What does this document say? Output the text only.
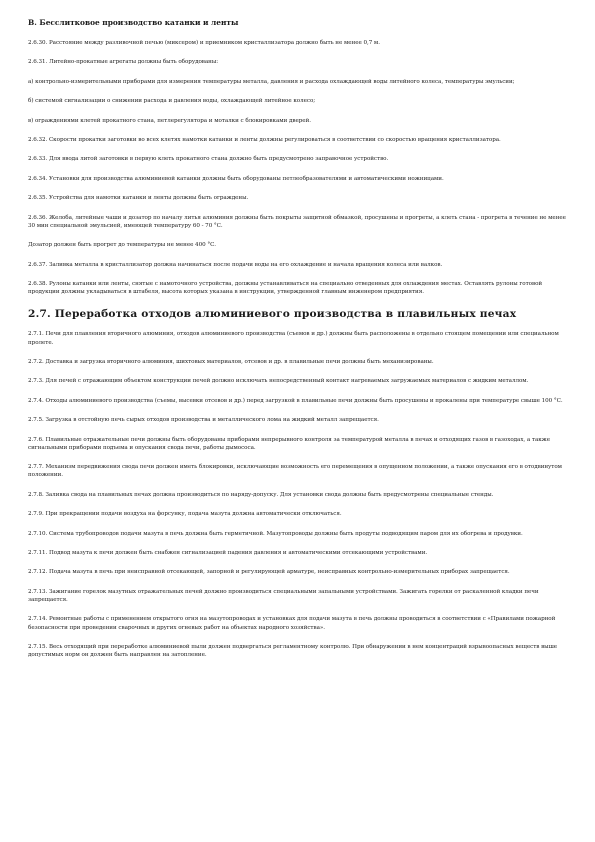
В. Бесслитковое производство катанки и ленты
2.6.30. Расстояние между разливочной печью (миксером) и приемником кристаллизатора должно быть не менее 0,7 м.
2.6.31. Литейно-прокатные агрегаты должны быть оборудованы:
а) контрольно-измерительными приборами для измерения температуры металла, давления и расхода охлаждающей воды литейного колеса, температуры эмульсии;
б) системой сигнализации о снижении расхода и давления воды, охлаждающей литейное колесо;
в) ограждениями клетей прокатного стана, петлерегулятора и моталки с блокировками дверей.
2.6.32. Скорости прокатки заготовки во всех клетях намотки катанки и ленты должны регулироваться в соответствии со скоростью вращения кристаллизатора.
2.6.33. Для ввода литой заготовки в первую клеть прокатного стана должно быть предусмотрено заправочное устройство.
2.6.34. Установки для производства алюминиевой катанки должны быть оборудованы петлеобразователями и автоматическими ножницами.
2.6.35. Устройства для намотки катанки и ленты должны быть ограждены.
2.6.36. Желоба, литейные чаши и дозатор по началу литья алюминия должны быть покрыты защитной обмазкой, просушены и прогреты, а клеть стана - прогрета в течение не менее 30 мин специальной эмульсией, имеющей температуру 60 - 70 °С.
Дозатор должен быть прогрет до температуры не менее 400 °С.
2.6.37. Заливка металла в кристаллизатор должна начинаться после подачи воды на его охлаждение и начала вращения колеса или валков.
2.6.38. Рулоны катанки или ленты, снятые с намоточного устройства, должны устанавливаться на специально отведенных для охлаждения местах. Оставлять рулоны готовой продукции должны укладываться в штабеля, высота которых указана в инструкции, утвержденной главным инженером предприятия.
2.7. Переработка отходов алюминиевого производства в плавильных печах
2.7.1. Печи для плавления вторичного алюминия, отходов алюминиевого производства (съемов и др.) должны быть расположены в отдельно стоящем помещении или специальном пролете.
2.7.2. Доставка и загрузка вторичного алюминия, шихтовых материалов, отсевов и др. в плавильные печи должны быть механизированы.
2.7.3. Для печей с отражающим объектом конструкции печей должно исключать непосредственный контакт нагреваемых загружаемых материалов с жидким металлом.
2.7.4. Отходы алюминиевого производства (съемы, высевки отсевов и др.) перед загрузкой в плавильные печи должны быть просушены и прокалены при температуре свыше 100 °С.
2.7.5. Загрузка в отстойную печь сырых отходов производства и металлического лома на жидкий металл запрещается.
2.7.6. Плавильные отражательные печи должны быть оборудованы приборами непрерывного контроля за температурой металла в печах и отходящих газов в газоходах, а также сигнальными приборами подъема и опускания свода печи, работы дымососа.
2.7.7. Механизм передвижения свода печи должен иметь блокировки, исключающие возможность его перемещения в опущенном положении, а также опускания его в отодвинутом положении.
2.7.8. Заливка свода на плавильных печах должна производиться по наряду-допуску. Для установки свода должны быть предусмотрены специальные стенды.
2.7.9. При прекращении подачи воздуха на форсунку, подача мазута должна автоматически отключаться.
2.7.10. Система трубопроводов подачи мазута в печь должна быть герметичной. Мазутопроводы должны быть продуты подводящим паром для их обогрева и продувки.
2.7.11. Подвод мазута к печи должен быть снабжен сигнализацией падения давления и автоматическими отсекающими устройствами.
2.7.12. Подача мазута в печь при неисправной отсекающей, запорной и регулирующей арматуре, неисправных контрольно-измерительных приборах запрещается.
2.7.13. Зажигание горелок мазутных отражательных печей должно производиться специальными запальными устройствами. Зажигать горелки от раскаленной кладки печи запрещается.
2.7.14. Ремонтные работы с применением открытого огня на мазутопроводах и установках для подачи мазута в печь должны проводиться в соответствии с «Правилами пожарной безопасности при проведении сварочных и других огневых работ на объектах народного хозяйства».
2.7.15. Весь отходящий при переработке алюминиевой пыли должен подвергаться регламентному контролю. При обнаружении в нем концентраций взрывоопасных веществ выше допустимых норм он должен быть направлен на затопление.
